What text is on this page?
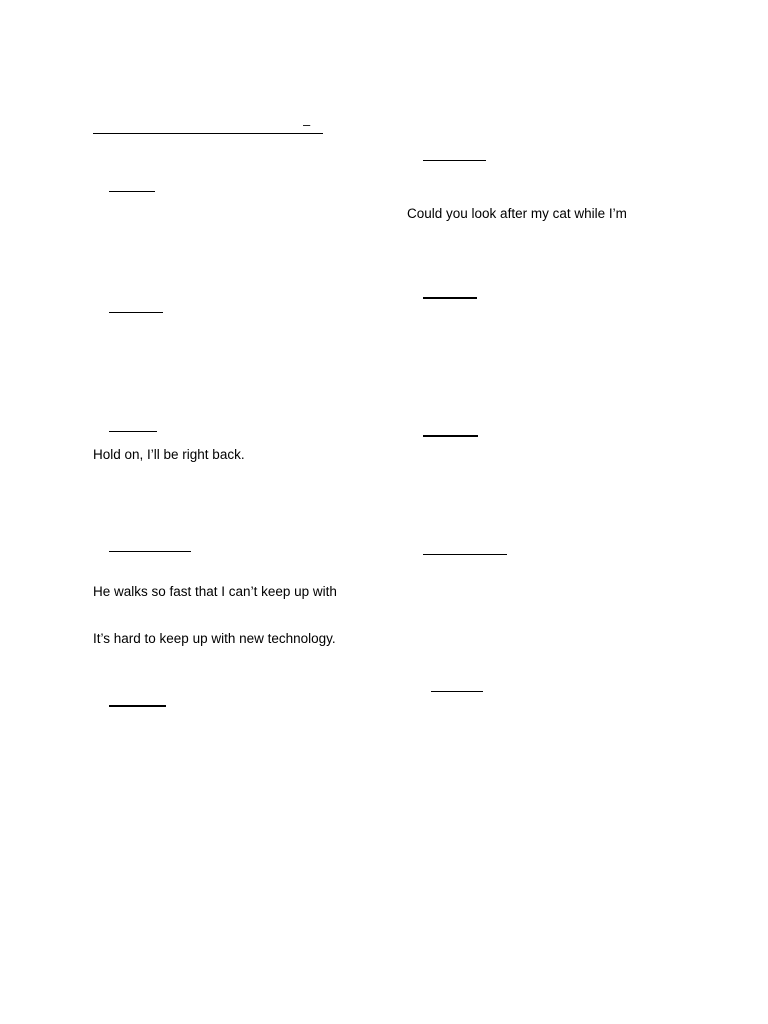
–
Hold on, I’ll be right back.
He walks so fast that I can’t keep up with
It’s hard to keep up with new technology.
Could you look after my cat while I’m
